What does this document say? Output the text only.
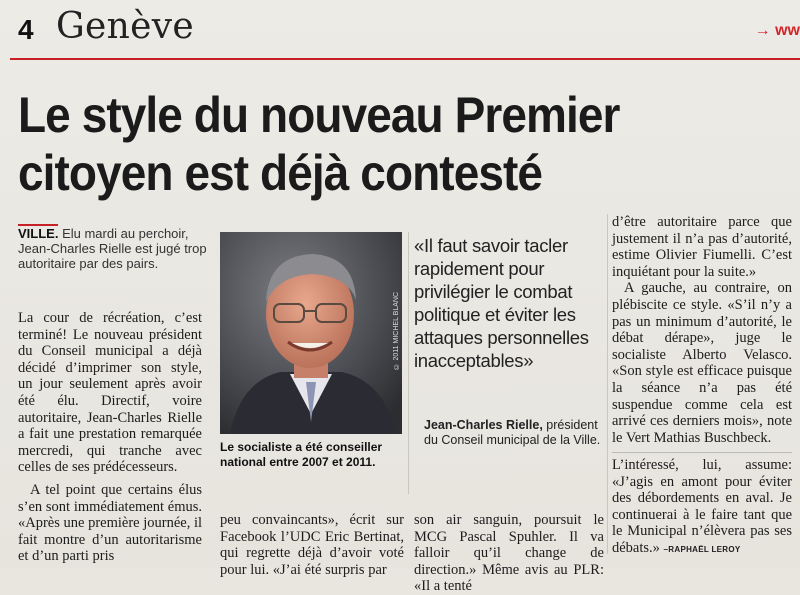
4 Genève	→ ww
Le style du nouveau Premier
citoyen est déjà contesté
VILLE. Elu mardi au perchoir, Jean-Charles Rielle est jugé trop autoritaire par des pairs.

La cour de récréation, c’est terminé! Le nouveau président du Conseil municipal a déjà décidé d’imprimer son style, un jour seulement après avoir été élu. Directif, voire autoritaire, Jean-Charles Rielle a fait une prestation remarquée mercredi, qui tranche avec celles de ses prédécesseurs.

A tel point que certains élus s’en sont immédiatement émus. «Après une première journée, il fait montre d’un autoritarisme et d’un parti pris

© 2011 MICHEL BLANC
Le socialiste a été conseiller national entre 2007 et 2011.
«Il faut savoir tacler rapidement pour privilégier le combat politique et éviter les attaques personnelles inacceptables»
Jean-Charles Rielle, président du Conseil municipal de la Ville.

d’être autoritaire parce que justement il n’a pas d’autorité, estime Olivier Fiumelli. C’est inquiétant pour la suite.»

A gauche, au contraire, on plébiscite ce style. «S’il n’y a pas un minimum d’autorité, le débat dérape», juge le socialiste Alberto Velasco. «Son style est efficace puisque la séance n’a pas été suspendue comme cela est arrivé ces derniers mois», note le Vert Mathias Buschbeck.

L’intéressé, lui, assume: «J’agis en amont pour éviter des débordements en aval. Je continuerai à le faire tant que le Municipal n’élèvera pas ses débats.» –RAPHAËL LEROY

peu convaincants», écrit sur Facebook l’UDC Eric Bertinat, qui regrette déjà d’avoir voté pour lui. «J’ai été surpris par

son air sanguin, poursuit le MCG Pascal Spuhler. Il va falloir qu’il change de direction.» Même avis au PLR: «Il a tenté
